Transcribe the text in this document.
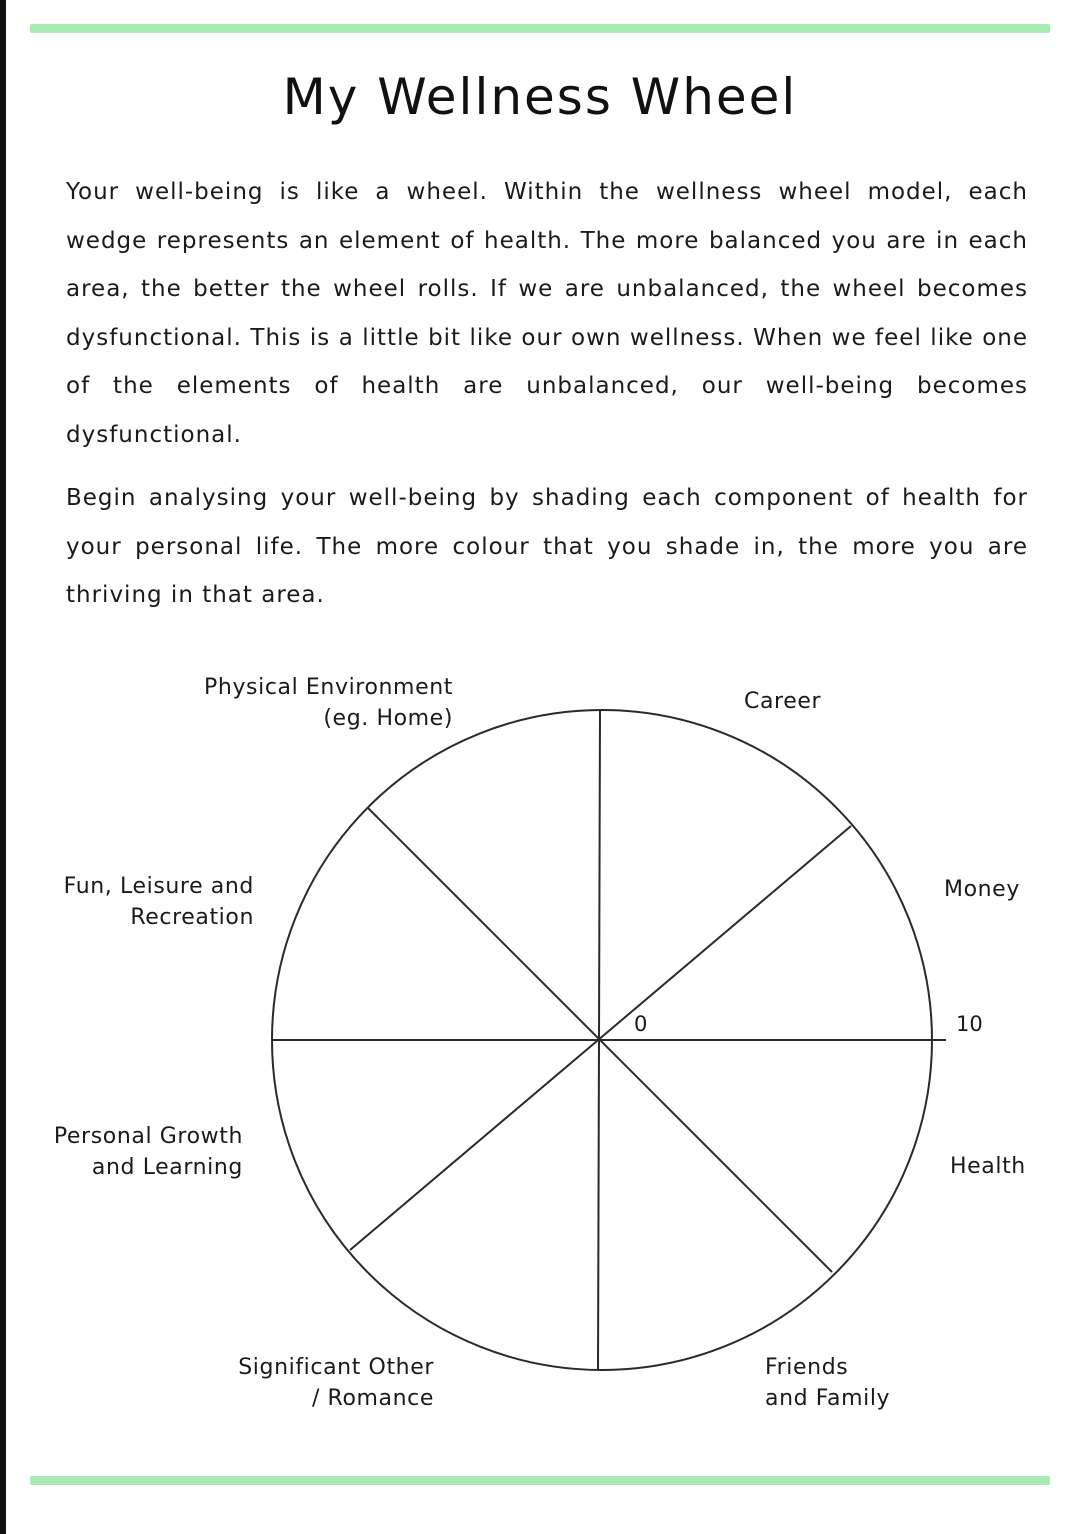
My Wellness Wheel

Your well-being is like a wheel. Within the wellness wheel model, each wedge represents an element of health. The more balanced you are in each area, the better the wheel rolls. If we are unbalanced, the wheel becomes dysfunctional. This is a little bit like our own wellness. When we feel like one of the elements of health are unbalanced, our well-being becomes dysfunctional.

Begin analysing your well-being by shading each component of health for your personal life. The more colour that you shade in, the more you are thriving in that area.

0	10
Career
Money
Health
Friends
and Family
Significant Other
/ Romance
Personal Growth
and Learning
Fun, Leisure and
Recreation
Physical Environment
(eg. Home)
